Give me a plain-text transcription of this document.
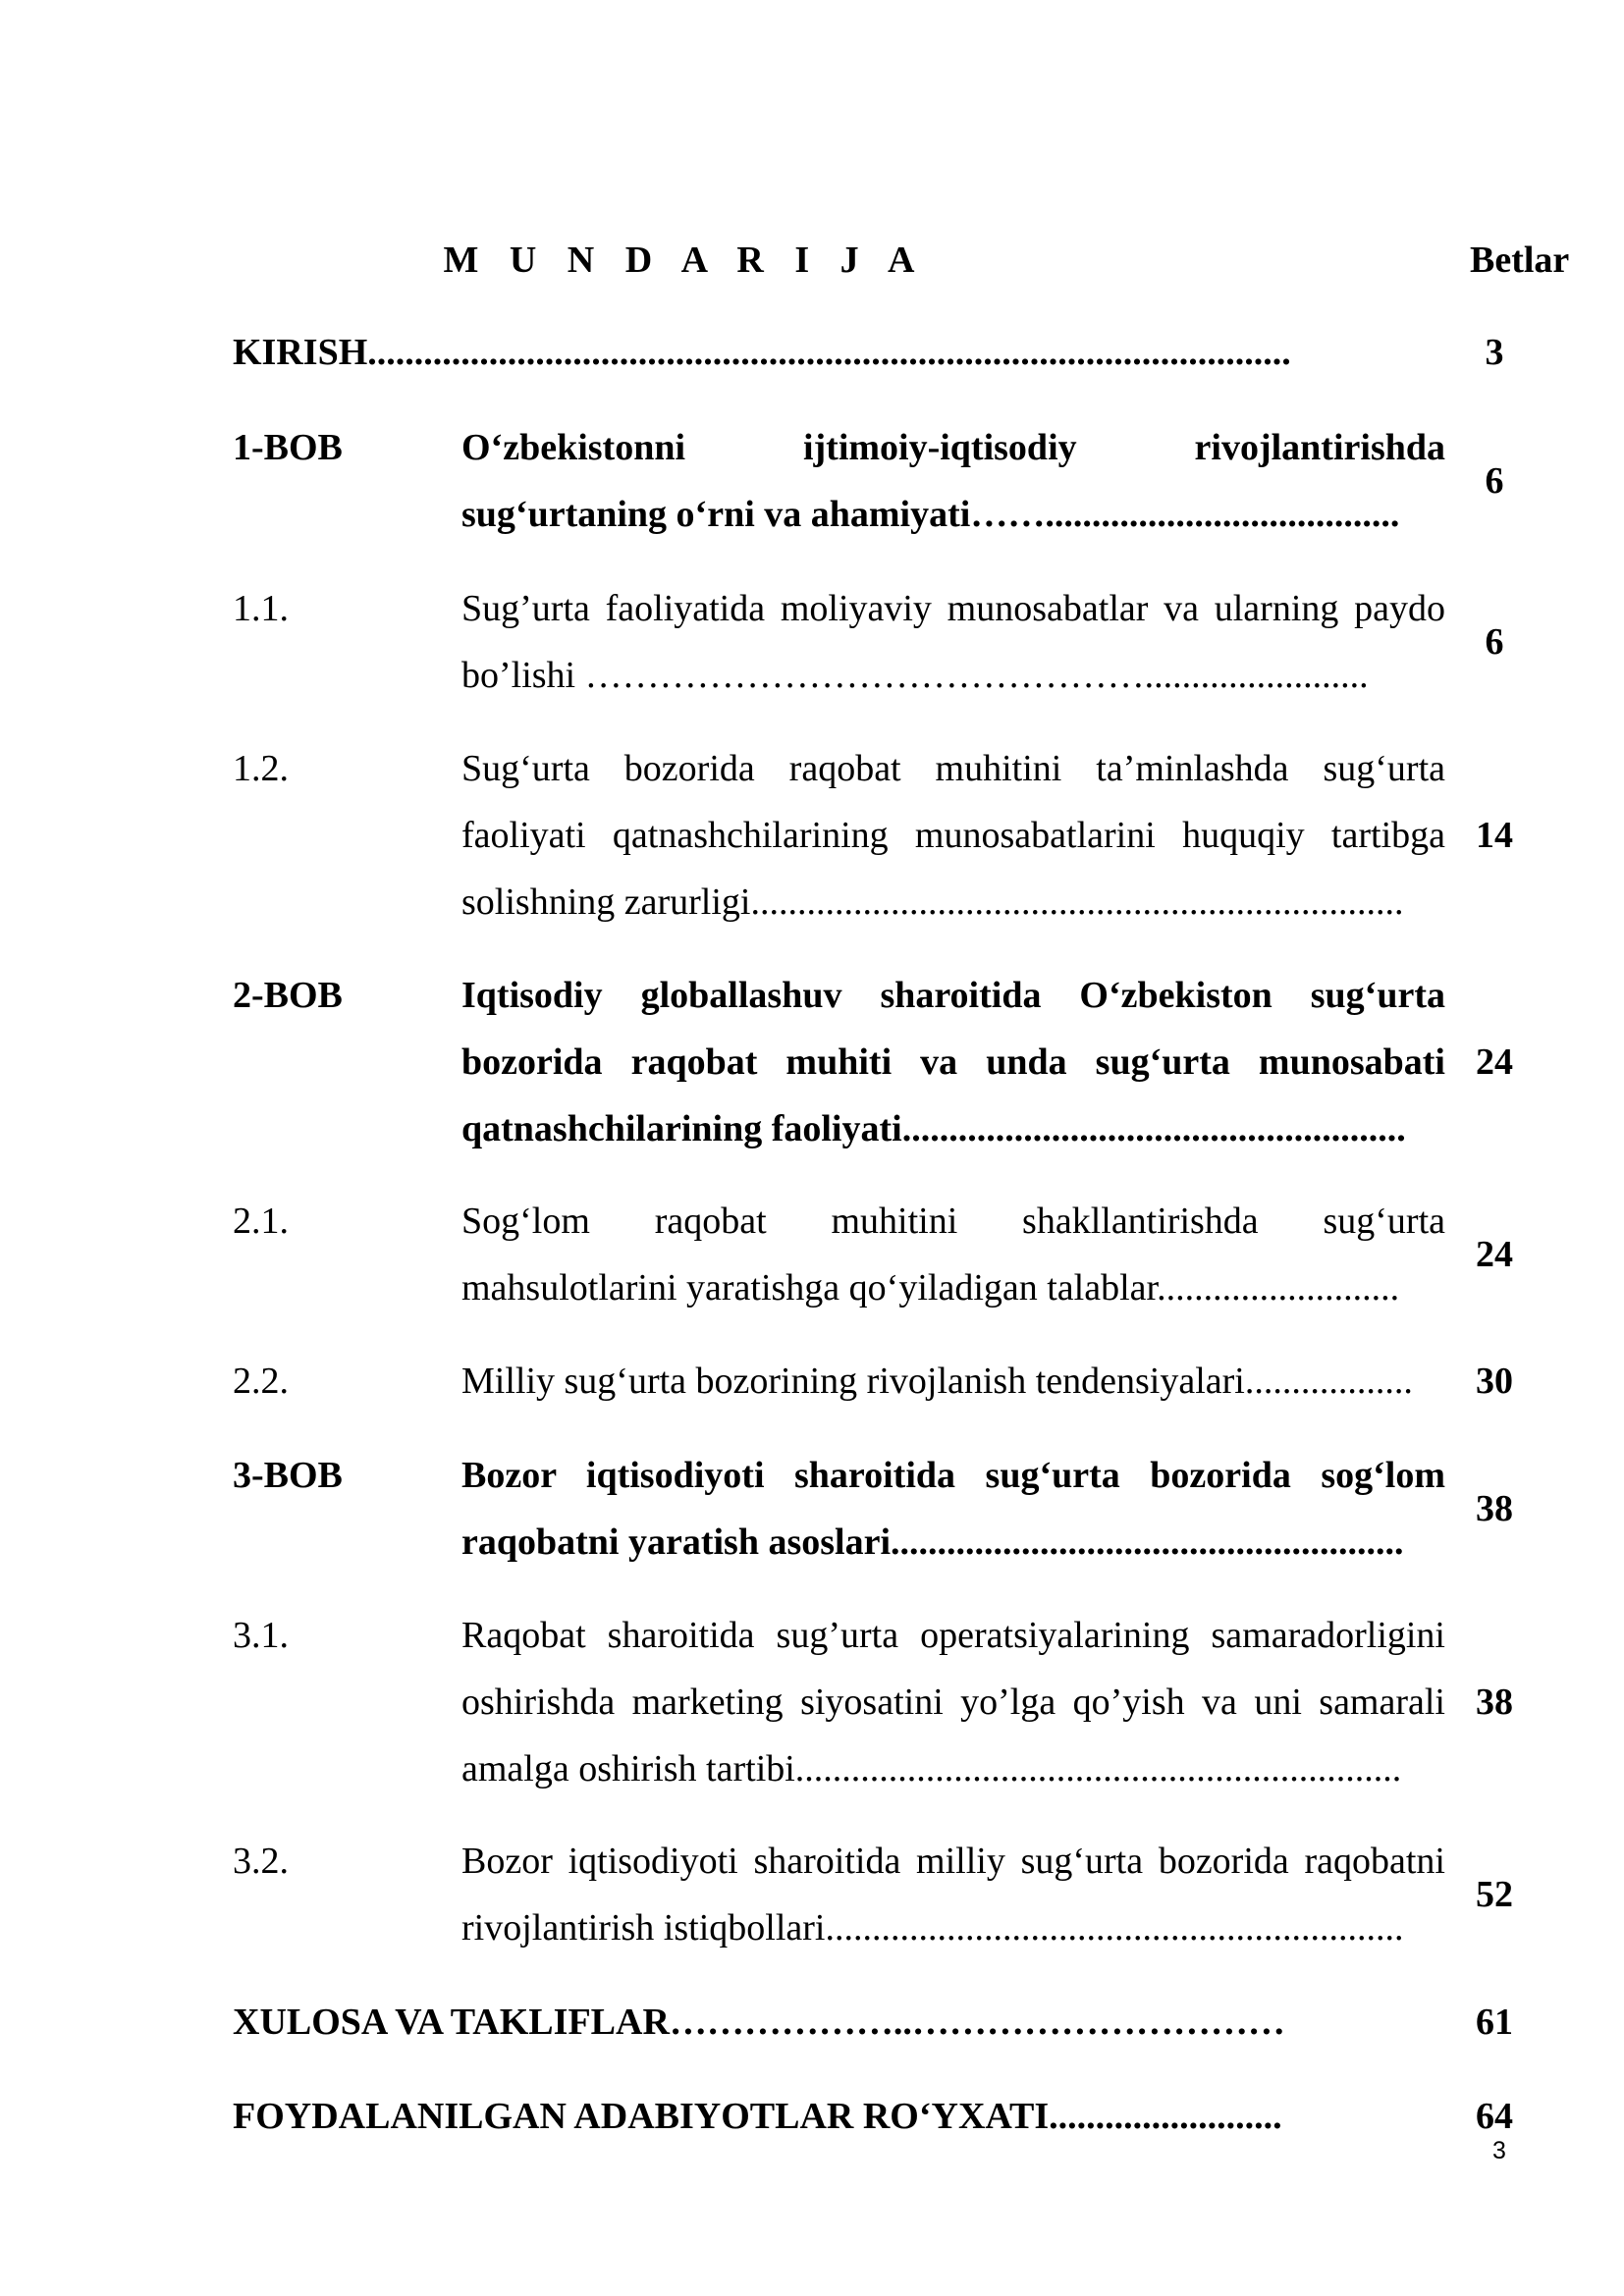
M U N D A R I J A	Betlar
KIRISH...................................................................................................	3
1-BOB	O‘zbekistonni ijtimoiy-iqtisodiy rivojlantirishda
sug‘urtaning o‘rni va ahamiyati……......................................
6
1.1.	Sug’urta faoliyatida moliyaviy munosabatlar va ularning paydo
bo’lishi ………………………………………........................
6
1.2.	Sug‘urta bozorida raqobat muhitini ta’minlashda sug‘urta
faoliyati qatnashchilarining munosabatlarini huquqiy tartibga
solishning zarurligi......................................................................
14
2-BOB	Iqtisodiy globallashuv sharoitida O‘zbekiston sug‘urta
bozorida raqobat muhiti va unda sug‘urta munosabati
qatnashchilarining faoliyati......................................................
24
2.1.	Sog‘lom raqobat muhitini shakllantirishda sug‘urta
mahsulotlarini yaratishga qo‘yiladigan talablar..........................
24
2.2.	Milliy sug‘urta bozorining rivojlanish tendensiyalari..................	30
3-BOB	Bozor iqtisodiyoti sharoitida sug‘urta bozorida sog‘lom
raqobatni yaratish asoslari.......................................................
38
3.1.	Raqobat sharoitida sug’urta operatsiyalarining samaradorligini
oshirishda marketing siyosatini yo’lga qo’yish va uni samarali
amalga oshirish tartibi.................................................................
38
3.2.	Bozor iqtisodiyoti sharoitida milliy sug‘urta bozorida raqobatni
rivojlantirish istiqbollari..............................................................
52
XULOSA VA TAKLIFLAR………………..…………………………	61
FOYDALANILGAN ADABIYOTLAR RO‘YXATI.........................	64
3
